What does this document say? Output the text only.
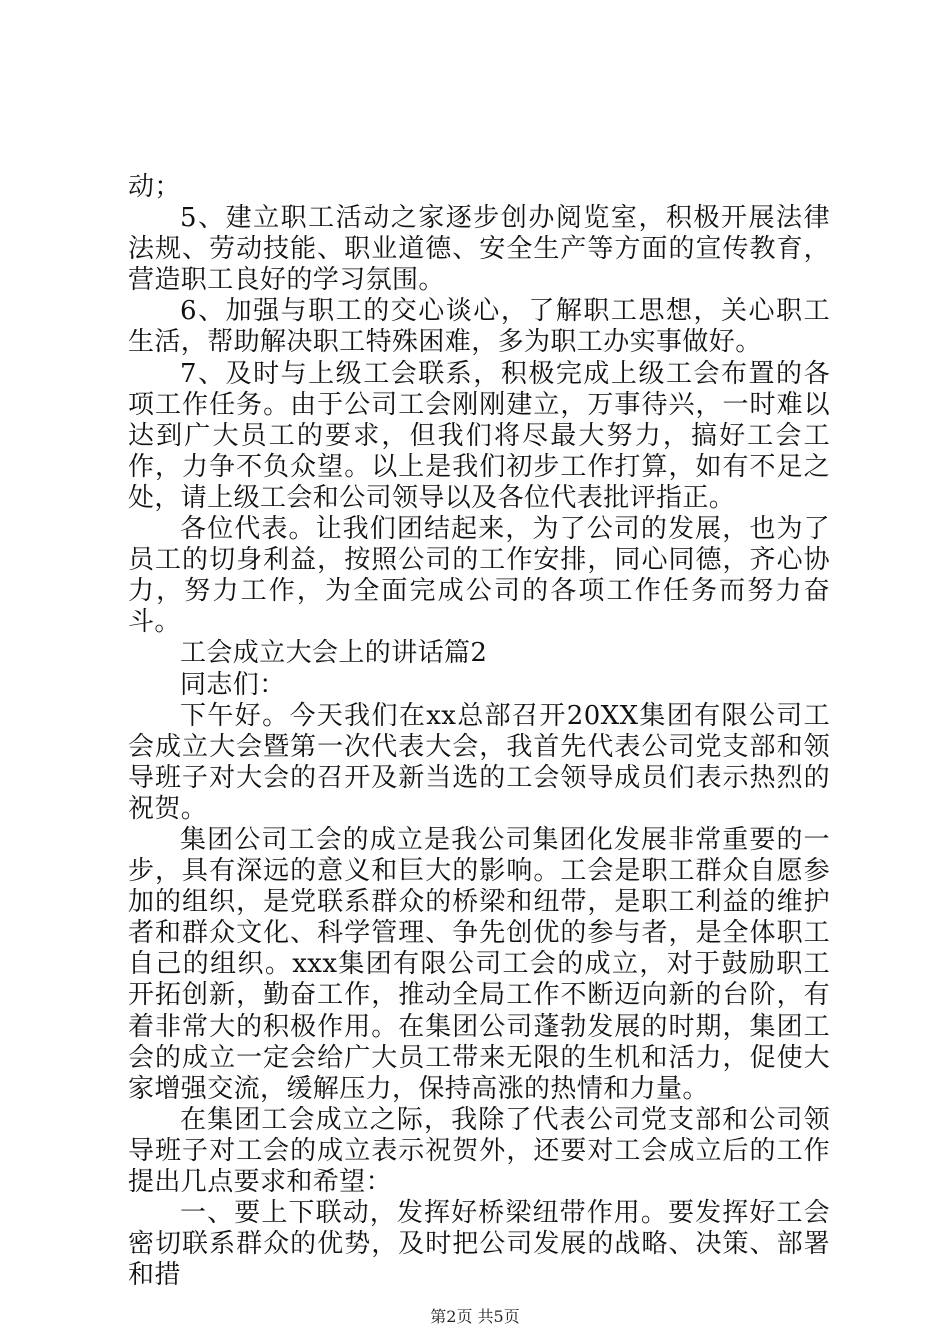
动；

5、建立职工活动之家逐步创办阅览室，积极开展法律法规、劳动技能、职业道德、安全生产等方面的宣传教育，营造职工良好的学习氛围。

6、加强与职工的交心谈心，了解职工思想，关心职工生活，帮助解决职工特殊困难，多为职工办实事做好。

7、及时与上级工会联系，积极完成上级工会布置的各项工作任务。由于公司工会刚刚建立，万事待兴，一时难以达到广大员工的要求，但我们将尽最大努力，搞好工会工作，力争不负众望。以上是我们初步工作打算，如有不足之处，请上级工会和公司领导以及各位代表批评指正。

各位代表。让我们团结起来，为了公司的发展，也为了员工的切身利益，按照公司的工作安排，同心同德，齐心协力，努力工作，为全面完成公司的各项工作任务而努力奋斗。

工会成立大会上的讲话篇2

同志们：

下午好。今天我们在xx总部召开20XX集团有限公司工会成立大会暨第一次代表大会，我首先代表公司党支部和领导班子对大会的召开及新当选的工会领导成员们表示热烈的祝贺。

集团公司工会的成立是我公司集团化发展非常重要的一步，具有深远的意义和巨大的影响。工会是职工群众自愿参加的组织，是党联系群众的桥梁和纽带，是职工利益的维护者和群众文化、科学管理、争先创优的参与者，是全体职工自己的组织。xxx集团有限公司工会的成立，对于鼓励职工开拓创新，勤奋工作，推动全局工作不断迈向新的台阶，有着非常大的积极作用。在集团公司蓬勃发展的时期，集团工会的成立一定会给广大员工带来无限的生机和活力，促使大家增强交流，缓解压力，保持高涨的热情和力量。

在集团工会成立之际，我除了代表公司党支部和公司领导班子对工会的成立表示祝贺外，还要对工会成立后的工作提出几点要求和希望：

一、要上下联动，发挥好桥梁纽带作用。要发挥好工会密切联系群众的优势，及时把公司发展的战略、决策、部署和措

第2页 共5页
